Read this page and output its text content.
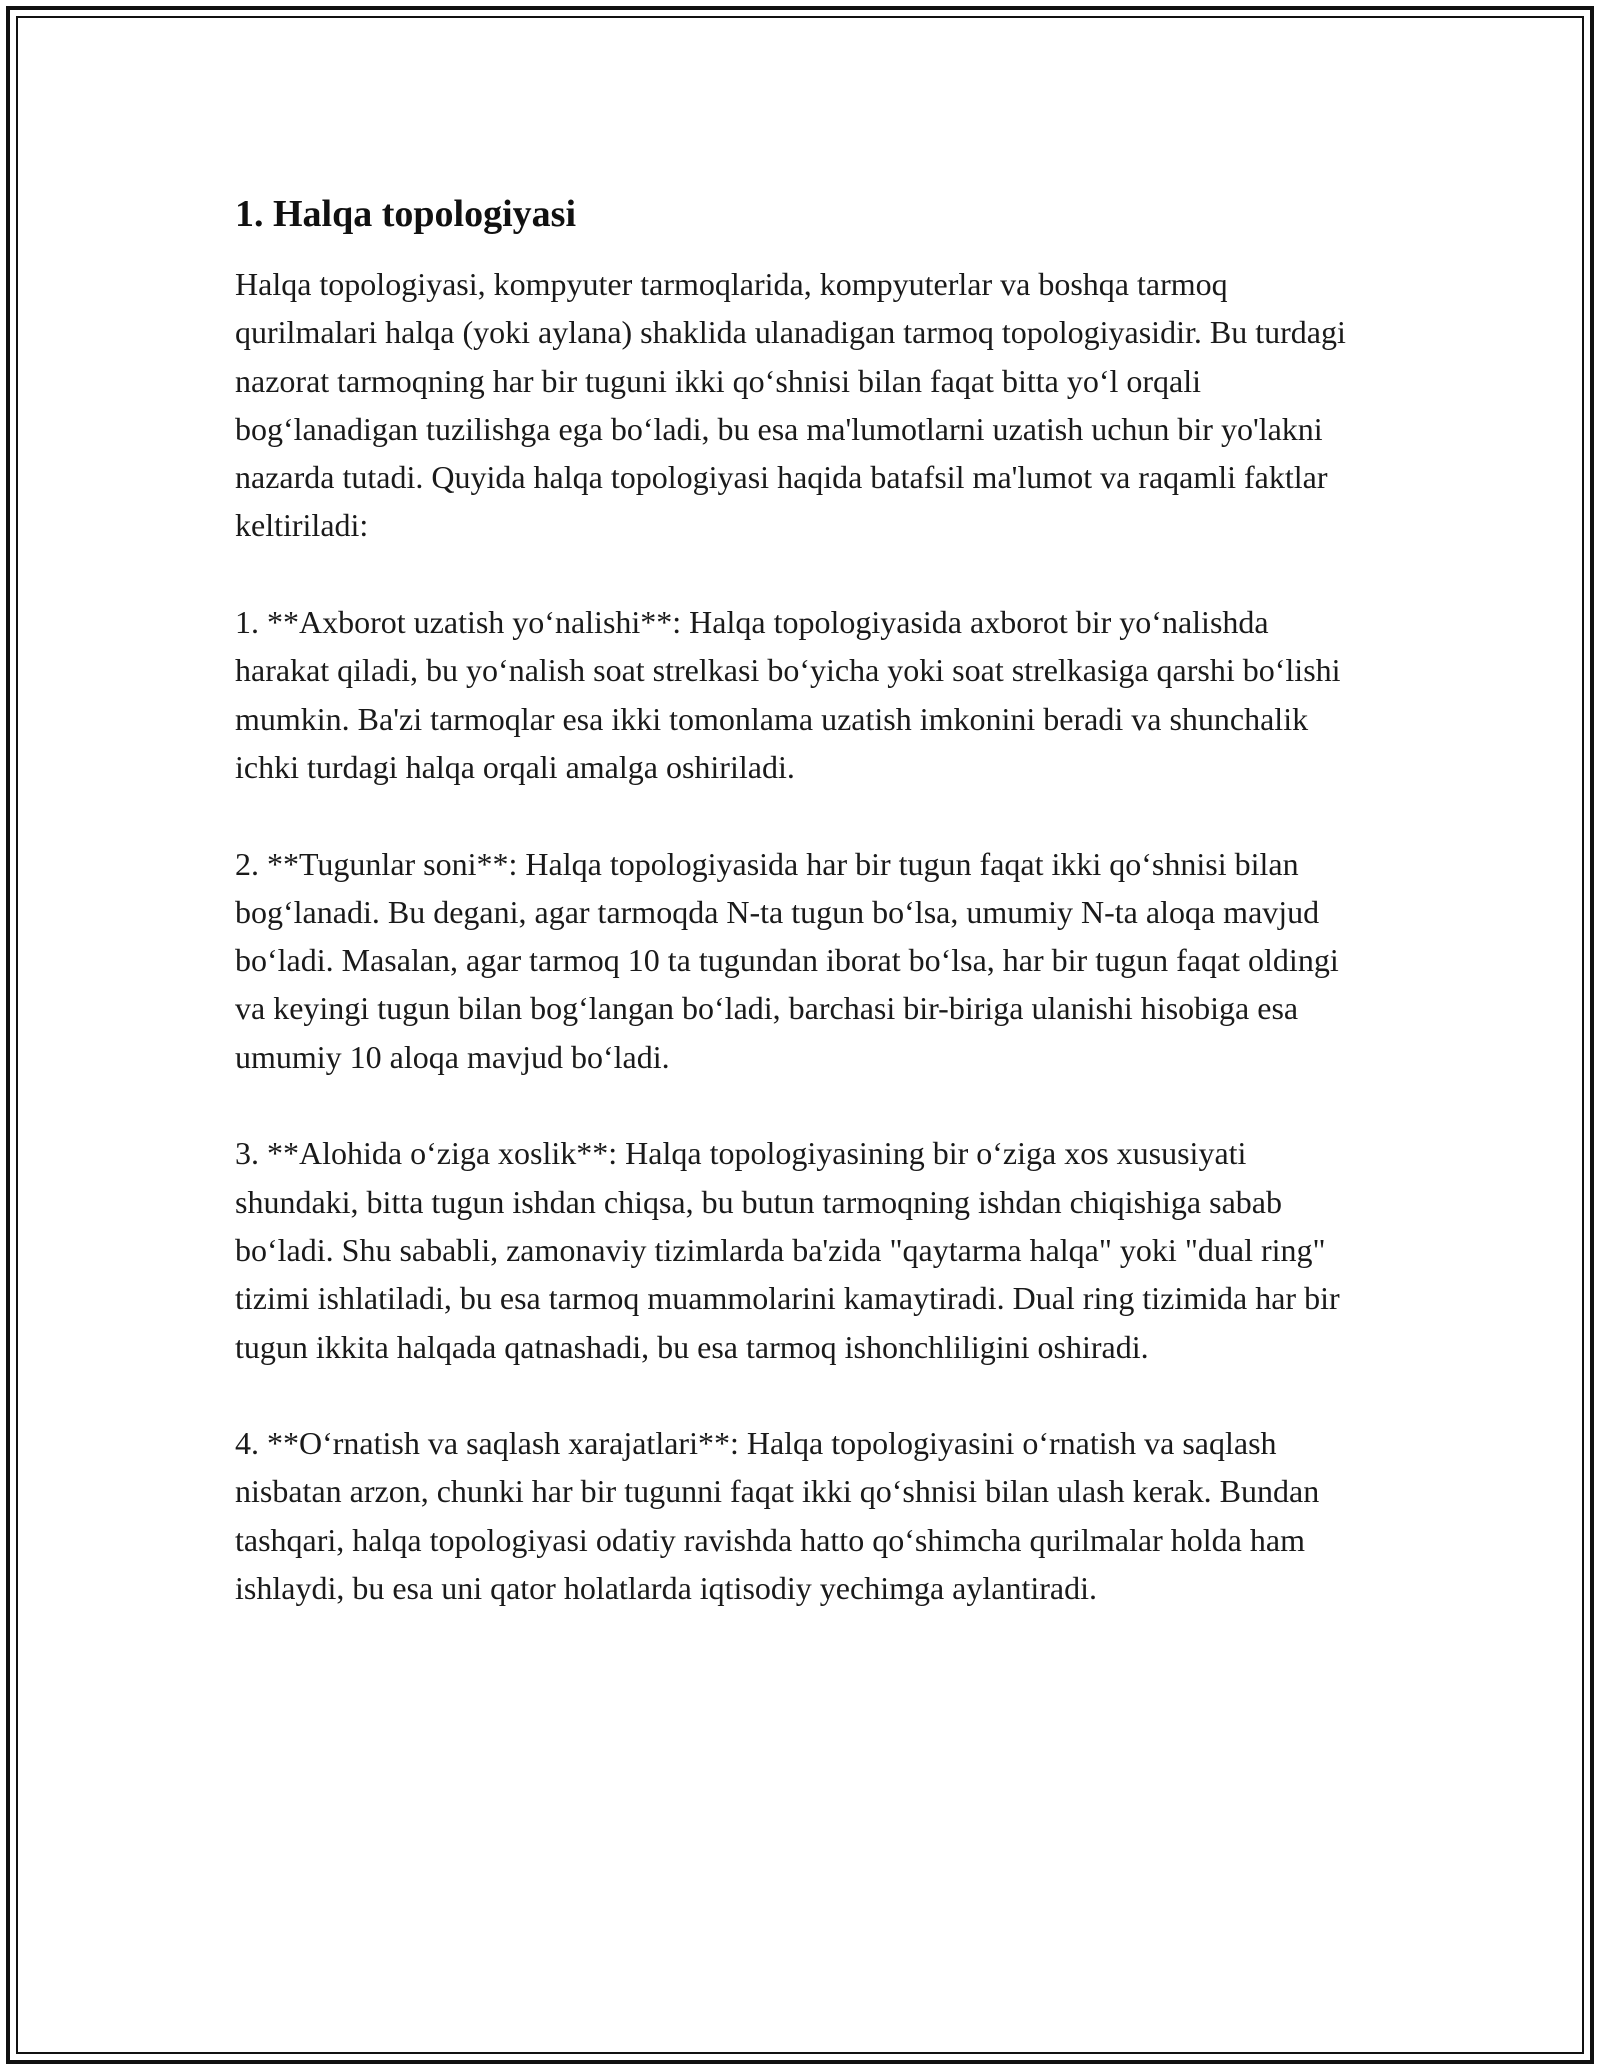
1. Halqa topologiyasi

Halqa topologiyasi, kompyuter tarmoqlarida, kompyuterlar va boshqa tarmoq qurilmalari halqa (yoki aylana) shaklida ulanadigan tarmoq topologiyasidir. Bu turdagi nazorat tarmoqning har bir tuguni ikki qo‘shnisi bilan faqat bitta yo‘l orqali bog‘lanadigan tuzilishga ega bo‘ladi, bu esa ma'lumotlarni uzatish uchun bir yo'lakni nazarda tutadi. Quyida halqa topologiyasi haqida batafsil ma'lumot va raqamli faktlar keltiriladi:

1. **Axborot uzatish yo‘nalishi**: Halqa topologiyasida axborot bir yo‘nalishda harakat qiladi, bu yo‘nalish soat strelkasi bo‘yicha yoki soat strelkasiga qarshi bo‘lishi mumkin. Ba'zi tarmoqlar esa ikki tomonlama uzatish imkonini beradi va shunchalik ichki turdagi halqa orqali amalga oshiriladi.

2. **Tugunlar soni**: Halqa topologiyasida har bir tugun faqat ikki qo‘shnisi bilan bog‘lanadi. Bu degani, agar tarmoqda N-ta tugun bo‘lsa, umumiy N-ta aloqa mavjud bo‘ladi. Masalan, agar tarmoq 10 ta tugundan iborat bo‘lsa, har bir tugun faqat oldingi va keyingi tugun bilan bog‘langan bo‘ladi, barchasi bir-biriga ulanishi hisobiga esa umumiy 10 aloqa mavjud bo‘ladi.

3. **Alohida o‘ziga xoslik**: Halqa topologiyasining bir o‘ziga xos xususiyati shundaki, bitta tugun ishdan chiqsa, bu butun tarmoqning ishdan chiqishiga sabab bo‘ladi. Shu sababli, zamonaviy tizimlarda ba'zida "qaytarma halqa" yoki "dual ring" tizimi ishlatiladi, bu esa tarmoq muammolarini kamaytiradi. Dual ring tizimida har bir tugun ikkita halqada qatnashadi, bu esa tarmoq ishonchliligini oshiradi.

4. **O‘rnatish va saqlash xarajatlari**: Halqa topologiyasini o‘rnatish va saqlash nisbatan arzon, chunki har bir tugunni faqat ikki qo‘shnisi bilan ulash kerak. Bundan tashqari, halqa topologiyasi odatiy ravishda hatto qo‘shimcha qurilmalar holda ham ishlaydi, bu esa uni qator holatlarda iqtisodiy yechimga aylantiradi.
